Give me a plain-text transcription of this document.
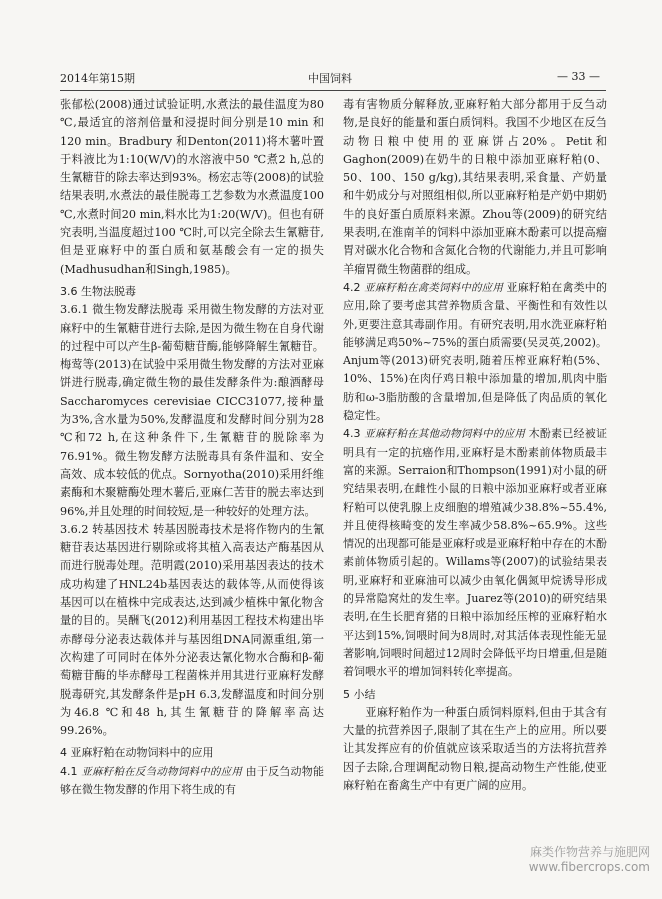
2014年第15期	中国饲料	— 33 —

张郁松(2008)通过试验证明,水煮法的最佳温度为80 ℃,最适宜的溶剂倍量和浸提时间分别是10 min 和120 min。Bradbury 和Denton(2011)将木薯叶置于料液比为1:10(W/V)的水溶液中50 ℃煮2 h,总的生氰糖苷的除去率达到93%。杨宏志等(2008)的试验结果表明,水煮法的最佳脱毒工艺参数为水煮温度100 ℃,水煮时间20 min,料水比为1:20(W/V)。但也有研究表明,当温度超过100 ℃时,可以完全除去生氰糖苷,但是亚麻籽中的蛋白质和氨基酸会有一定的损失(Madhusudhan和Singh,1985)。

3.6 生物法脱毒

3.6.1 微生物发酵法脱毒 采用微生物发酵的方法对亚麻籽中的生氰糖苷进行去除,是因为微生物在自身代谢的过程中可以产生β-葡萄糖苷酶,能够降解生氰糖苷。梅莺等(2013)在试验中采用微生物发酵的方法对亚麻饼进行脱毒,确定微生物的最佳发酵条件为:酿酒酵母Saccharomyces cerevisiae CICC31077,接种量为3%,含水量为50%,发酵温度和发酵时间分别为28 ℃和72 h,在这种条件下,生氰糖苷的脱除率为76.91%。微生物发酵方法脱毒具有条件温和、安全高效、成本较低的优点。Sornyotha(2010)采用纤维素酶和木聚糖酶处理木薯后,亚麻仁苦苷的脱去率达到96%,并且处理的时间较短,是一种较好的处理方法。

3.6.2 转基因技术 转基因脱毒技术是将作物内的生氰糖苷表达基因进行剔除或将其植入高表达产酶基因从而进行脱毒处理。范明霞(2010)采用基因表达的技术成功构建了HNL24b基因表达的载体等,从而使得该基因可以在植株中完成表达,达到减少植株中氰化物含量的目的。吴酬飞(2012)利用基因工程技术构建出毕赤酵母分泌表达载体并与基因组DNA同源重组,第一次构建了可同时在体外分泌表达氰化物水合酶和β-葡萄糖苷酶的毕赤酵母工程菌株并用其进行亚麻籽发酵脱毒研究,其发酵条件是pH 6.3,发酵温度和时间分别为46.8 ℃和48 h,其生氰糖苷的降解率高达99.26%。

4 亚麻籽粕在动物饲料中的应用

4.1 亚麻籽粕在反刍动物饲料中的应用 由于反刍动物能够在微生物发酵的作用下将生成的有

毒有害物质分解释放,亚麻籽粕大部分都用于反刍动物,是良好的能量和蛋白质饲料。我国不少地区在反刍动物日粮中使用的亚麻饼占20%。Petit和Gaghon(2009)在奶牛的日粮中添加亚麻籽粕(0、50、100、150 g/kg),其结果表明,采食量、产奶量和牛奶成分与对照组相似,所以亚麻籽粕是产奶中期奶牛的良好蛋白质原料来源。Zhou等(2009)的研究结果表明,在淮南羊的饲料中添加亚麻木酚素可以提高瘤胃对碳水化合物和含氮化合物的代谢能力,并且可影响羊瘤胃微生物菌群的组成。

4.2 亚麻籽粕在禽类饲料中的应用 亚麻籽粕在禽类中的应用,除了要考虑其营养物质含量、平衡性和有效性以外,更要注意其毒副作用。有研究表明,用水洗亚麻籽粕能够满足鸡50%~75%的蛋白质需要(吴灵英,2002)。Anjum等(2013)研究表明,随着压榨亚麻籽粕(5%、10%、15%)在肉仔鸡日粮中添加量的增加,肌肉中脂肪和ω-3脂肪酸的含量增加,但是降低了肉品质的氧化稳定性。

4.3 亚麻籽粕在其他动物饲料中的应用 木酚素已经被证明具有一定的抗癌作用,亚麻籽是木酚素前体物质最丰富的来源。Serraion和Thompson(1991)对小鼠的研究结果表明,在雌性小鼠的日粮中添加亚麻籽或者亚麻籽粕可以使乳腺上皮细胞的增殖减少38.8%~55.4%,并且使得核畸变的发生率减少58.8%~65.9%。这些情况的出现都可能是亚麻籽或是亚麻籽粕中存在的木酚素前体物质引起的。Willams等(2007)的试验结果表明,亚麻籽和亚麻油可以减少由氧化偶氮甲烷诱导形成的异常隐窝灶的发生率。Juarez等(2010)的研究结果表明,在生长肥育猪的日粮中添加经压榨的亚麻籽粕水平达到15%,饲喂时间为8周时,对其活体表现性能无显著影响,饲喂时间超过12周时会降低平均日增重,但是随着饲喂水平的增加饲料转化率提高。

5 小结

亚麻籽粕作为一种蛋白质饲料原料,但由于其含有大量的抗营养因子,限制了其在生产上的应用。所以要让其发挥应有的价值就应该采取适当的方法将抗营养因子去除,合理调配动物日粮,提高动物生产性能,使亚麻籽粕在畜禽生产中有更广阔的应用。

麻类作物营养与施肥网
www.fibercrops.com
